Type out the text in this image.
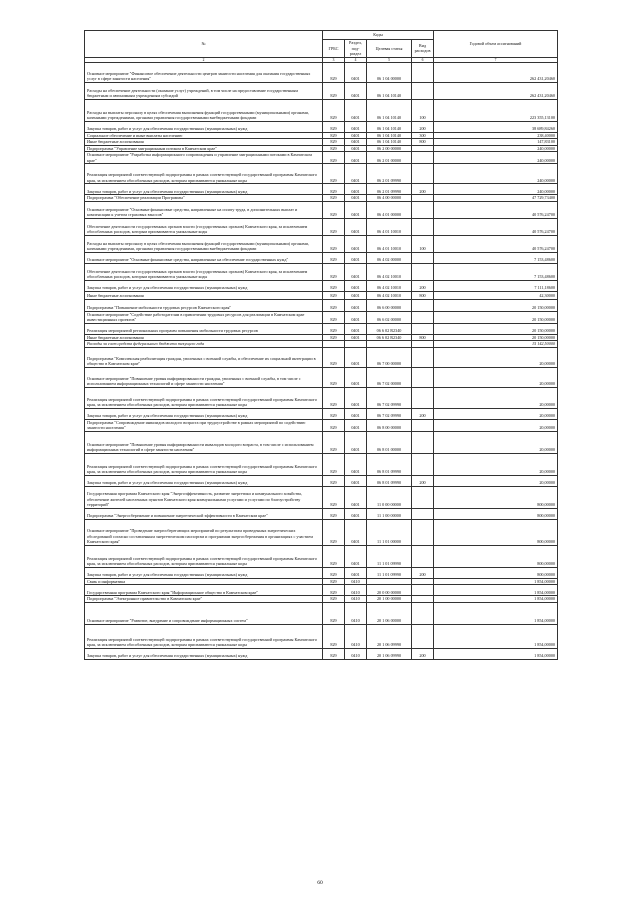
№	Коды				Годовой объем ассигнований
	ГРБС	Раздел, под-раздел	Целевая статья	Вид расходов	
2	3	4	5	6	7
Основное мероприятие "Финансовое обеспечение деятельности центров занятости населения для оказания государственных услуг в сфере занятости населения"	829	0401	06 1 04 00000		262 431,20460
Расходы на обеспечение деятельности (оказание услуг) учреждений, в том числе на предоставление государственным бюджетным и автономным учреждениям субсидий	829	0401	06 1 04 10140		262 431,20460
Расходы на выплаты персоналу в целях обеспечения выполнения функций государственными (муниципальными) органами, казенными учреждениями, органами управления государственными внебюджетными фондами	829	0401	06 1 04 10140	100	223 355,13100
Закупка товаров, работ и услуг для обеспечения государственных (муниципальных) нужд	829	0401	06 1 04 10140	200	38 689,84260
Социальное обеспечение и иные выплаты населению	829	0401	06 1 04 10140	300	238,40000
Иные бюджетные ассигнования	829	0401	06 1 04 10140	800	147,83100
Подпрограмма "Управление миграционным потоком в Камчатском крае"	829	0401	06 2 00 00000		240,00000
Основное мероприятие "Разработка информационного сопровождения и управление миграционными потоками в Камчатском крае"	829	0401	06 2 01 00000		240,00000
Реализация мероприятий соответствующей подпрограммы в рамках соответствующей государственной программы Камчатского края, за исключением обособленных расходов, которым присваиваются уникальные коды	829	0401	06 2 01 09990		240,00000
Закупка товаров, работ и услуг для обеспечения государственных (муниципальных) нужд	829	0401	06 2 01 09990	200	240,00000
Подпрограмма "Обеспечение реализации Программы"	829	0401	06 4 00 00000		47 729,73400
Основное мероприятие "Основные финансовые средства, направленные на оплату труда, в дополнительных выплат и компенсации к учетом страховых взносов"	829	0401	06 4 01 00000		40 576,24700
Обеспечение деятельности государственных органов власти (государственных органов) Камчатского края, за исключением обособленных расходов, которым присваиваются уникальные коды	829	0401	06 4 01 10010		40 576,24700
Расходы на выплаты персоналу в целях обеспечения выполнения функций государственными (муниципальными) органами, казенными учреждениями, органами управления государственными внебюджетными фондами	829	0401	06 4 01 10010	100	40 576,24700
Основное мероприятие "Основные финансовые средства, направленные на обеспечение государственных нужд"	829	0401	06 4 02 00000		7 153,48600
Обеспечение деятельности государственных органов власти (государственных органов) Камчатского края, за исключением обособленных расходов, которым присваиваются уникальные коды	829	0401	06 4 02 10010		7 153,48600
Закупка товаров, работ и услуг для обеспечения государственных (муниципальных) нужд	829	0401	06 4 02 10010	200	7 111,18600
Иные бюджетные ассигнования	829	0401	06 4 02 10010	800	42,30000
Подпрограмма "Повышение мобильности трудовых ресурсов Камчатского края"	829	0401	06 6 00 00000		20 150,00000
Основное мероприятие "Содействие работодателям в привлечении трудовых ресурсов для реализации в Камчатском крае инвестиционных проектов"	829	0401	06 6 02 00000		20 150,00000
Реализация мероприятий региональных программ повышения мобильности трудовых ресурсов	829	0401	06 6 02 R2340		20 150,00000
Иные бюджетные ассигнования	829	0401	06 6 02 R2340	800	20 150,00000
Расходы за счет средств федерального бюджета текущего года					15 142,50000
Подпрограмма "Комплексная реабилитация граждан, уволенных с военной службы, и обеспечение их социальной интеграции в общество в Камчатском крае"	829	0401	06 7 00 00000		20,00000
Основное мероприятие "Повышение уровня информированности граждан, уволенных с военной службы, в том числе с использованием информационных технологий и сфере занятости населения"	829	0401	06 7 02 00000		20,00000
Реализация мероприятий соответствующей подпрограммы в рамках соответствующей государственной программы Камчатского края, за исключением обособленных расходов, которым присваиваются уникальные коды	829	0401	06 7 02 09990		20,00000
Закупка товаров, работ и услуг для обеспечения государственных (муниципальных) нужд	829	0401	06 7 02 09990	200	20,00000
Подпрограмма "Сопровождение инвалидов молодого возраста при трудоустройстве в рамках мероприятий по содействию занятости населения"	829	0401	06 8 00 00000		20,00000
Основное мероприятие "Повышение уровня информированности инвалидов молодого возраста, в том числе с использованием информационных технологий в сфере занятости населения"	829	0401	06 8 01 00000		20,00000
Реализация мероприятий соответствующей подпрограммы в рамках соответствующей государственной программы Камчатского края, за исключением обособленных расходов, которым присваиваются уникальные коды	829	0401	06 8 01 09990		20,00000
Закупка товаров, работ и услуг для обеспечения государственных (муниципальных) нужд	829	0401	06 8 01 09990	200	20,00000
Государственная программа Камчатского края "Энергоэффективность, развитие энергетики и коммунального хозяйства, обеспечение жителей населенных пунктов Камчатского края коммунальными услугами и услугами по благоустройству территорий"	829	0401	11 0 00 00000		800,00000
Подпрограмма "Энергосбережение и повышение энергетической эффективности в Камчатском крае"	829	0401	11 1 00 00000		800,00000
Основное мероприятие "Проведение энергосберегающих мероприятий по результатам проведенных энергетических обследований согласно составленным энергетическим паспортам и программам энергосбережения в организациях с участием Камчатского края"	829	0401	11 1 01 00000		800,00000
Реализация мероприятий соответствующей подпрограммы в рамках соответствующей государственной программы Камчатского края, за исключением обособленных расходов, которым присваиваются уникальные коды	829	0401	11 1 01 09990		800,00000
Закупка товаров, работ и услуг для обеспечения государственных (муниципальных) нужд	829	0401	11 1 01 09990	200	800,00000
Связь и информатика	829	0410			1 854,00000
Государственная программа Камчатского края "Информационное общество в Камчатском крае"	829	0410	20 0 00 00000		1 854,00000
Подпрограмма "Электронное правительство в Камчатском крае"	829	0410	20 1 00 00000		1 854,00000
Основное мероприятие "Развитие, внедрение и сопровождение информационных систем"	829	0410	20 1 06 00000		1 854,00000
Реализация мероприятий соответствующей подпрограммы в рамках соответствующей государственной программы Камчатского края, за исключением обособленных расходов, которым присваиваются уникальные коды	829	0410	20 1 06 09990		1 854,00000
Закупка товаров, работ и услуг для обеспечения государственных (муниципальных) нужд	829	0410	20 1 06 09990	200	1 854,00000
60
